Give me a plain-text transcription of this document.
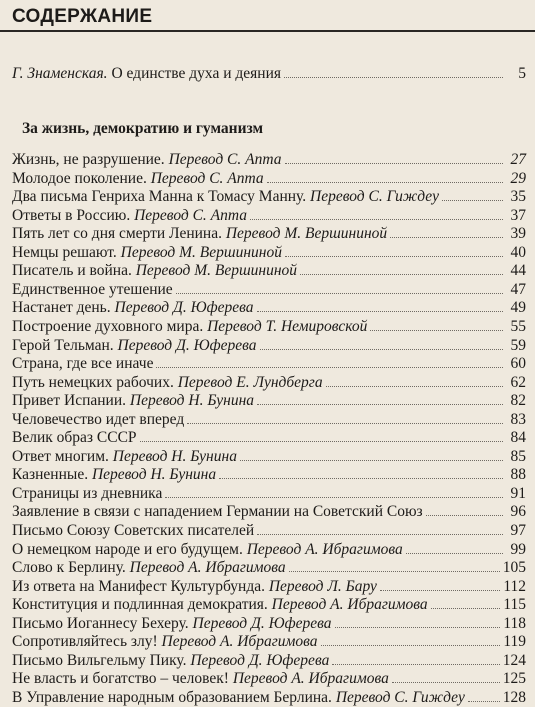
СОДЕРЖАНИЕ
Г. Знаменская. О единстве духа и деяния	5
За жизнь, демократию и гуманизм
Жизнь, не разрушение. Перевод С. Апта	27
Молодое поколение. Перевод С. Апта	29
Два письма Генриха Манна к Томасу Манну. Перевод С. Гиждеу	35
Ответы в Россию. Перевод С. Апта	37
Пять лет со дня смерти Ленина. Перевод М. Вершининой	39
Немцы решают. Перевод М. Вершининой	40
Писатель и война. Перевод М. Вершининой	44
Единственное утешение	47
Настанет день. Перевод Д. Юферева	49
Построение духовного мира. Перевод Т. Немировской	55
Герой Тельман. Перевод Д. Юферева	59
Страна, где все иначе	60
Путь немецких рабочих. Перевод Е. Лундберга	62
Привет Испании. Перевод Н. Бунина	82
Человечество идет вперед	83
Велик образ СССР	84
Ответ многим. Перевод Н. Бунина	85
Казненные. Перевод Н. Бунина	88
Страницы из дневника	91
Заявление в связи с нападением Германии на Советский Союз	96
Письмо Союзу Советских писателей	97
О немецком народе и его будущем. Перевод А. Ибрагимова	99
Слово к Берлину. Перевод А. Ибрагимова	105
Из ответа на Манифест Культурбунда. Перевод Л. Бару	112
Конституция и подлинная демократия. Перевод А. Ибрагимова	115
Письмо Иоганнесу Бехеру. Перевод Д. Юферева	118
Сопротивляйтесь злу! Перевод А. Ибрагимова	119
Письмо Вильгельму Пику. Перевод Д. Юферева	124
Не власть и богатство – человек! Перевод А. Ибрагимова	125
В Управление народным образованием Берлина. Перевод С. Гиждеу 128
